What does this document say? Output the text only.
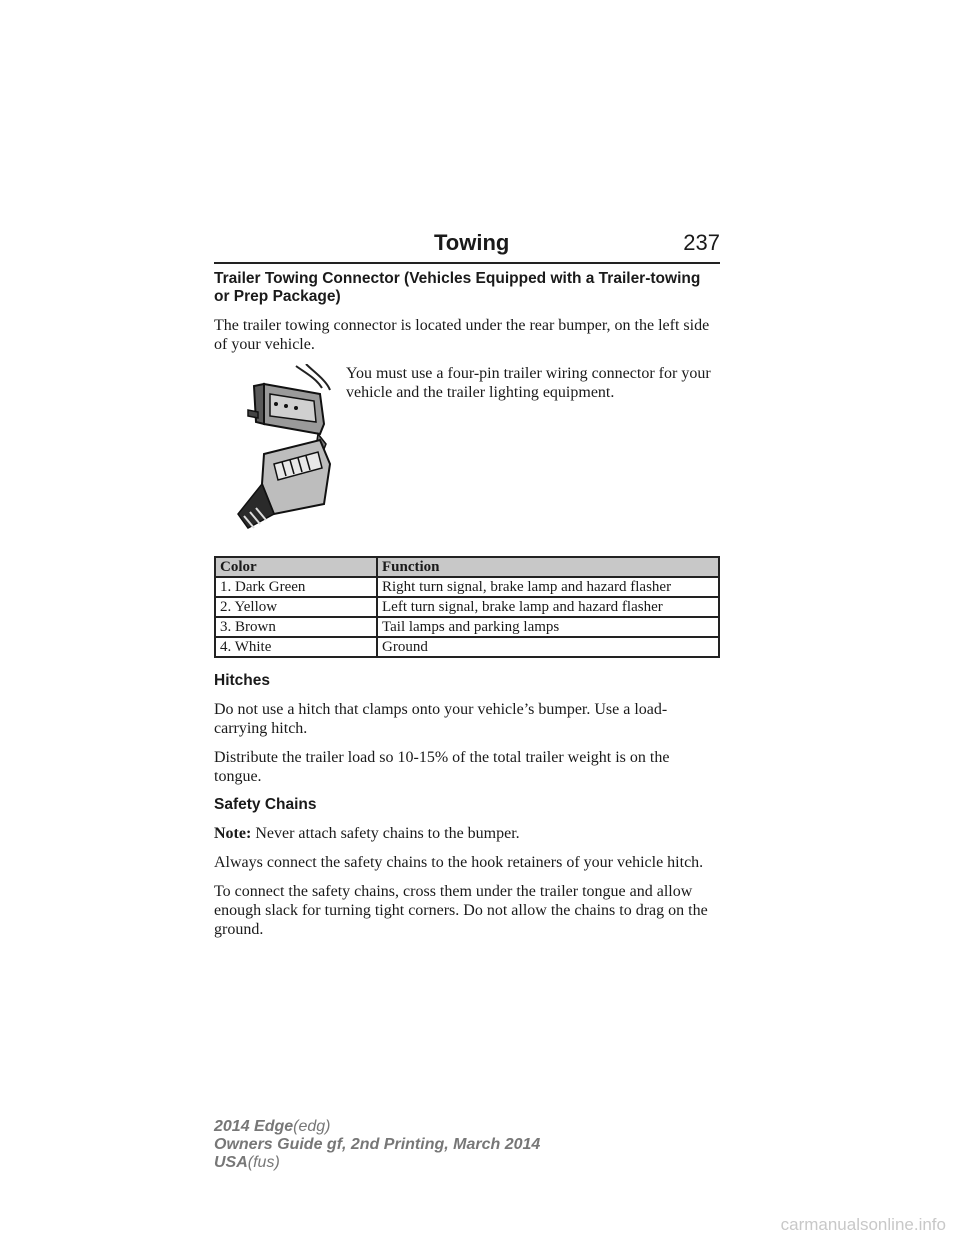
Towing	237
Trailer Towing Connector (Vehicles Equipped with a Trailer-towing or Prep Package)
The trailer towing connector is located under the rear bumper, on the left side of your vehicle.
You must use a four-pin trailer wiring connector for your vehicle and the trailer lighting equipment.
Color	Function
1. Dark Green	Right turn signal, brake lamp and hazard flasher
2. Yellow	Left turn signal, brake lamp and hazard flasher
3. Brown	Tail lamps and parking lamps
4. White	Ground
Hitches
Do not use a hitch that clamps onto your vehicle’s bumper. Use a load-carrying hitch.
Distribute the trailer load so 10-15% of the total trailer weight is on the tongue.
Safety Chains
Note: Never attach safety chains to the bumper.
Always connect the safety chains to the hook retainers of your vehicle hitch.
To connect the safety chains, cross them under the trailer tongue and allow enough slack for turning tight corners. Do not allow the chains to drag on the ground.
2014 Edge(edg)
Owners Guide gf, 2nd Printing, March 2014
USA(fus)
carmanualsonline.info
